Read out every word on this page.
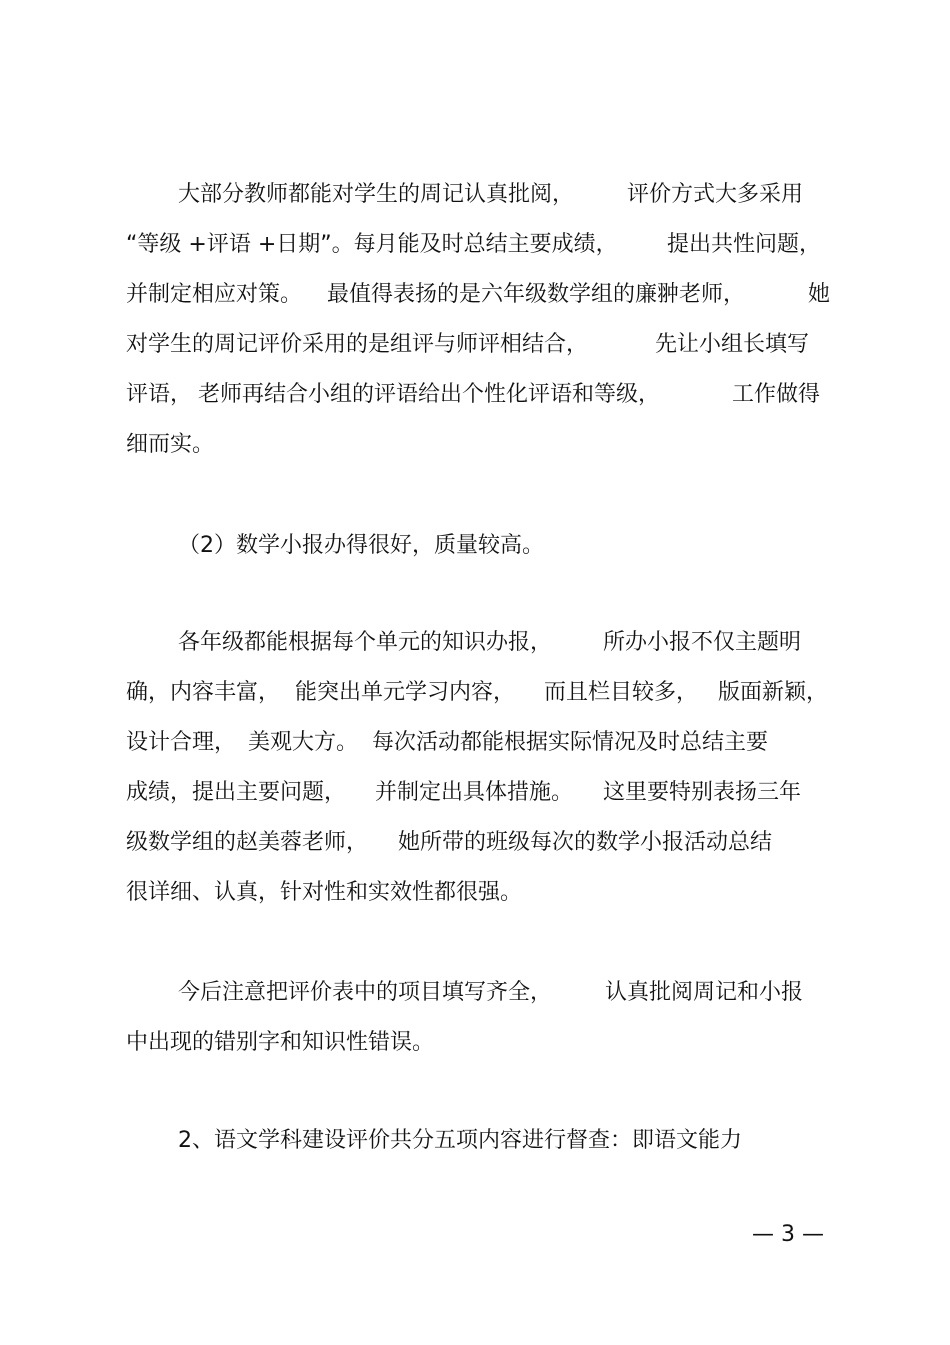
大部分教师都能对学生的周记认真批阅，

评价方式大多采用

“等级 +评语 +日期”。每月能及时总结主要成绩，

提出共性问题，

并制定相应对策。

最值得表扬的是六年级数学组的廉翀老师，

	她

对学生的周记评价采用的是组评与师评相结合，

	先让小组长填写

评语，

老师再结合小组的评语给出个性化评语和等级，

	工作做得

细而实。

（2）数学小报办得很好，质量较高。

各年级都能根据每个单元的知识办报，

所办小报不仅主题明

确，内容丰富，

能突出单元学习内容，

而且栏目较多，

版面新颖，

设计合理，

美观大方。

每次活动都能根据实际情况及时总结主要

成绩，提出主要问题，

并制定出具体措施。

这里要特别表扬三年

级数学组的赵美蓉老师，

她所带的班级每次的数学小报活动总结

很详细、认真，针对性和实效性都很强。

今后注意把评价表中的项目填写齐全，

认真批阅周记和小报

中出现的错别字和知识性错误。

2、语文学科建设评价共分五项内容进行督查：即语文能力

— 3 —
